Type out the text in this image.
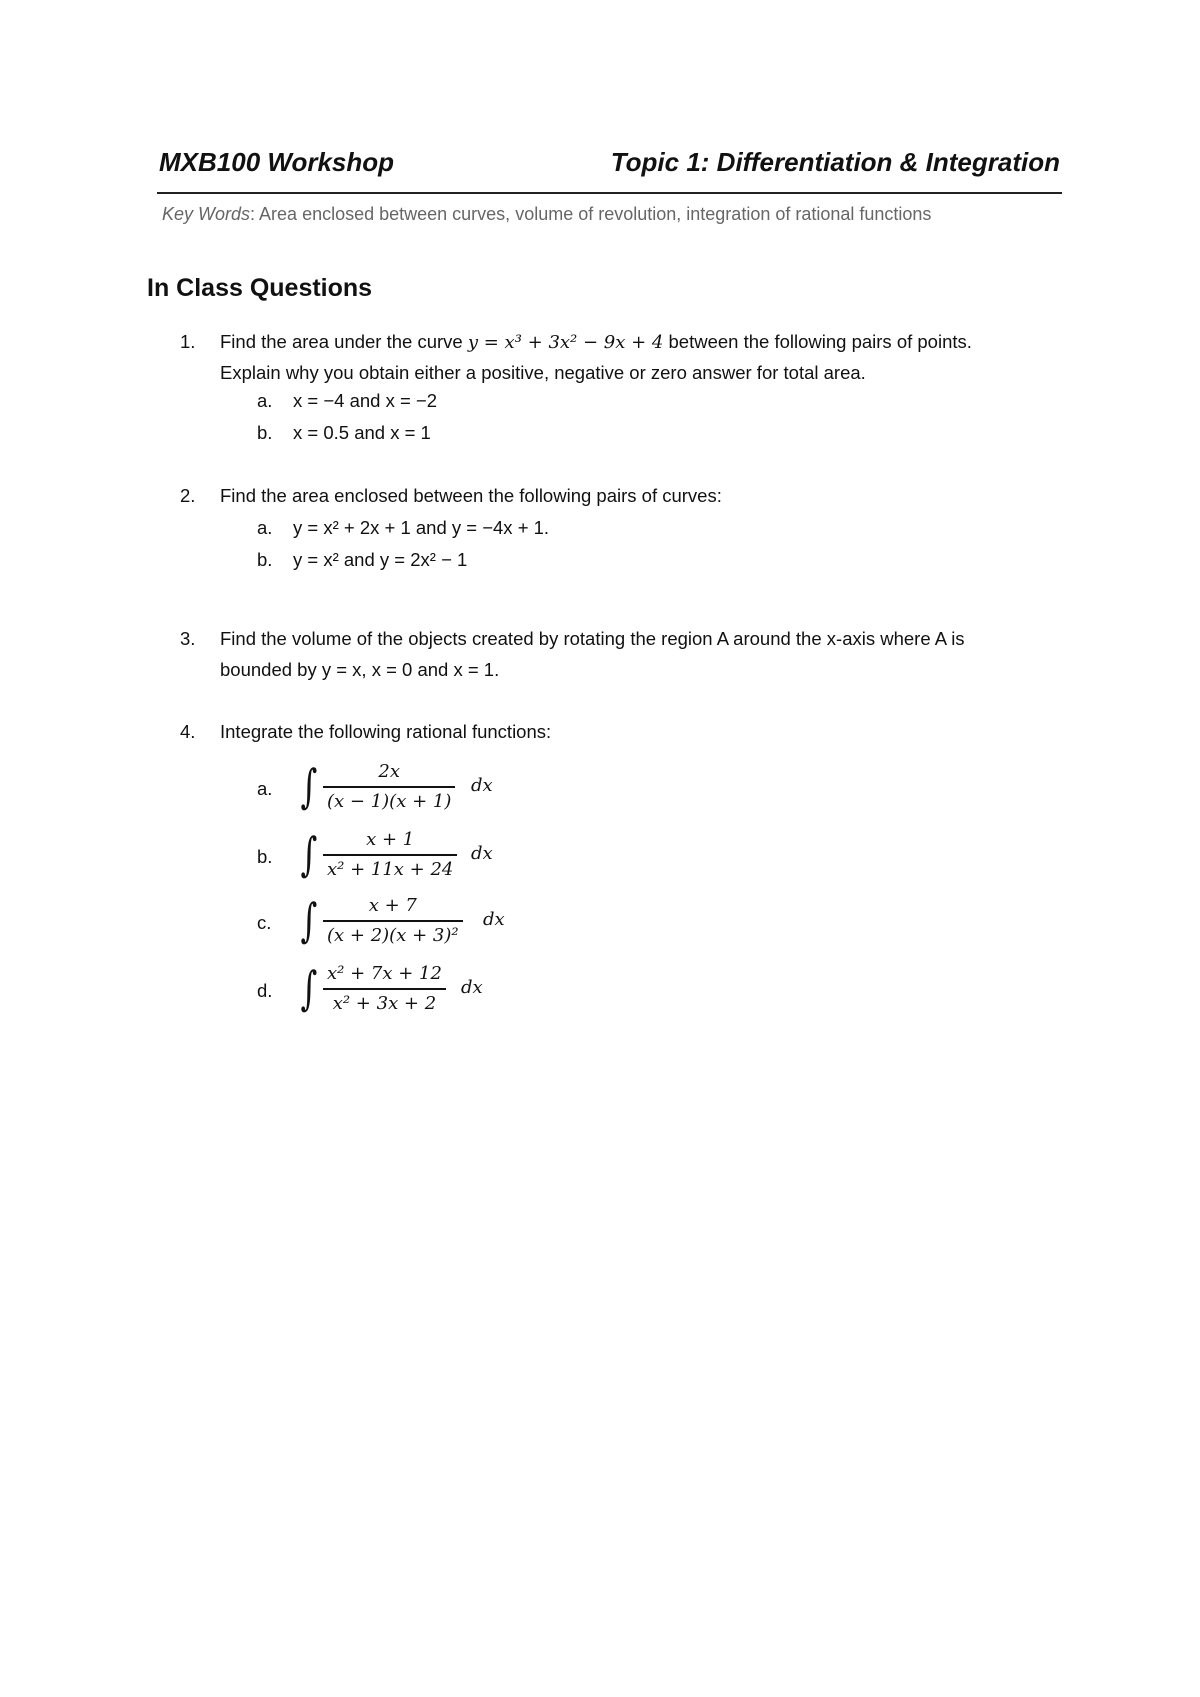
MXB100 Workshop	Topic 1: Differentiation & Integration
Key Words: Area enclosed between curves, volume of revolution, integration of rational functions
In Class Questions
1.	Find the area under the curve y = x³ + 3x² − 9x + 4 between the following pairs of points.
Explain why you obtain either a positive, negative or zero answer for total area.
a.	x = −4 and x = −2
b.	x = 0.5 and x = 1
2.	Find the area enclosed between the following pairs of curves:
a.	y = x² + 2x + 1 and y = −4x + 1.
b.	y = x² and y = 2x² − 1
3.	Find the volume of the objects created by rotating the region A around the x-axis where A is
bounded by y = x, x = 0 and x = 1.
4.	Integrate the following rational functions:
a. ∫ $\frac{2x}{(x - 1)(x + 1)}$ dx
b. ∫ $\frac{x + 1}{\text{x² + 11x + 24}}$ dx
c. ∫ $\frac{x + 7}{\text{(x + 2)(x + 3)²}}$ dx
d. ∫ $\frac{\text{x² + 7x + 12}}{\text{x² + 3x + 2}}$ dx
